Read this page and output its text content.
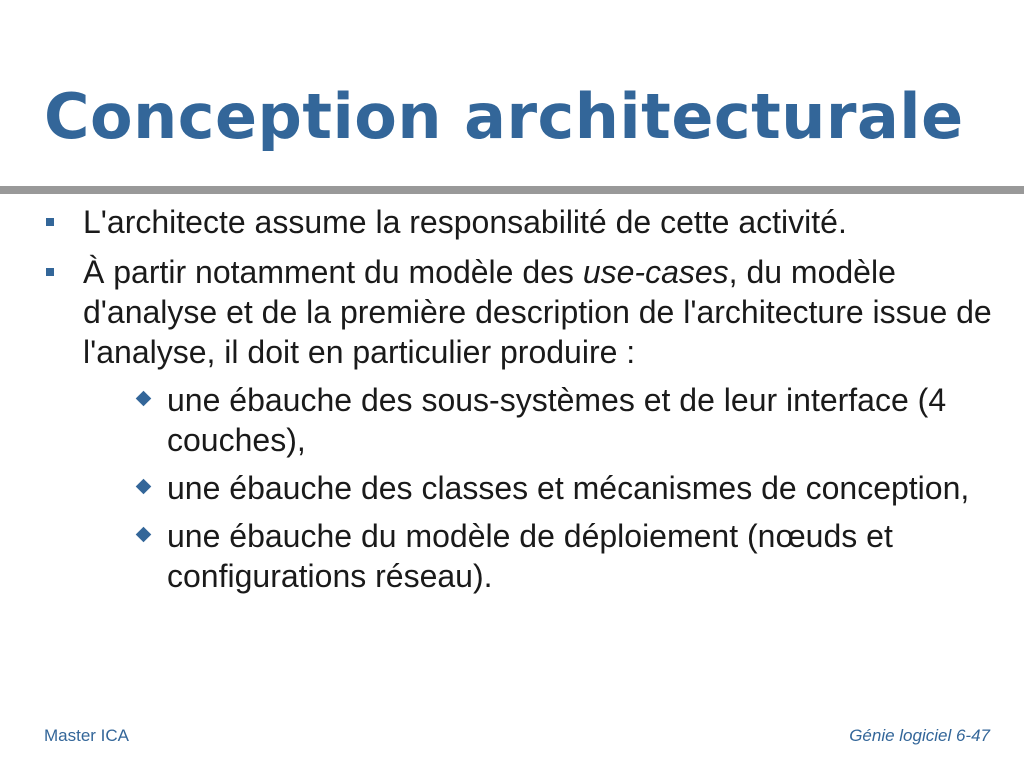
Conception architecturale
L'architecte assume la responsabilité de cette activité.
À partir notamment du modèle des use-cases, du modèle d'analyse et de la première description de l'architecture issue de l'analyse, il doit en particulier produire :
une ébauche des sous-systèmes et de leur interface (4 couches),
une ébauche des classes et mécanismes de conception,
une ébauche du modèle de déploiement (nœuds et configurations réseau).
Master ICA	Génie logiciel 6-47
